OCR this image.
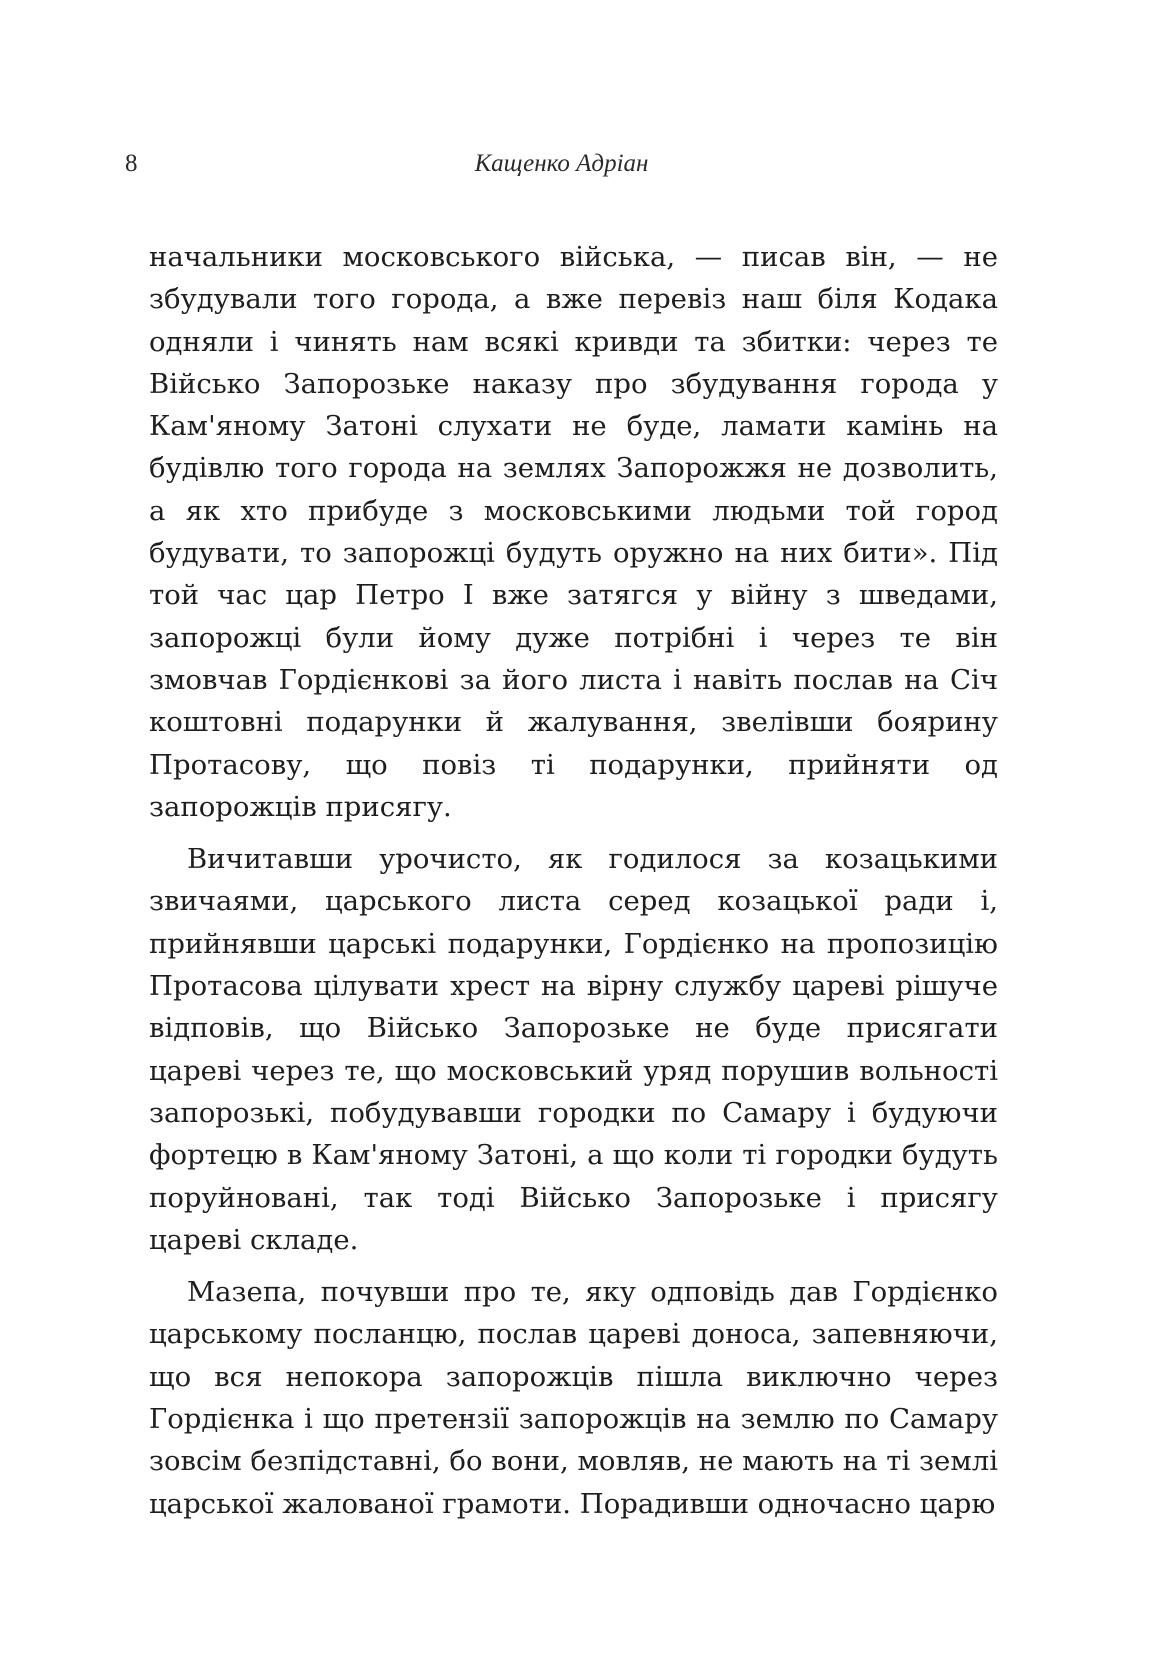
8	Кащенко Адріан

начальники московського війська, — писав він, — не збудували того города, а вже перевіз наш біля Кодака одняли і чинять нам всякі кривди та збитки: через те Військо Запорозьке наказу про збудування города у Кам'яному Затоні слухати не буде, ламати камінь на будівлю того города на землях Запорожжя не дозволить, а як хто прибуде з московськими людьми той город будувати, то запорожці будуть оружно на них бити». Під той час цар Петро І вже затягся у війну з шведами, запорожці були йому дуже потрібні і через те він змовчав Гордієнкові за його листа і навіть послав на Січ коштовні подарунки й жалування, звелівши боярину Протасову, що повіз ті подарунки, прийняти од запорожців присягу.

Вичитавши урочисто, як годилося за козацькими звичаями, царського листа серед козацької ради і, прийнявши царські подарунки, Гордієнко на пропозицію Протасова цілувати хрест на вірну службу цареві рішуче відповів, що Військо Запорозьке не буде присягати цареві через те, що московський уряд порушив вольності запорозькі, побудувавши городки по Самару і будуючи фортецю в Кам'яному Затоні, а що коли ті городки будуть поруйновані, так тоді Військо Запорозьке і присягу цареві складе.

Мазепа, почувши про те, яку одповідь дав Гордієнко царському посланцю, послав цареві доноса, запевняючи, що вся непокора запорожців пішла виключно через Гордієнка і що претензії запорожців на землю по Самару зовсім безпідставні, бо вони, мовляв, не мають на ті землі царської жалованої грамоти. Порадивши одночасно царю
